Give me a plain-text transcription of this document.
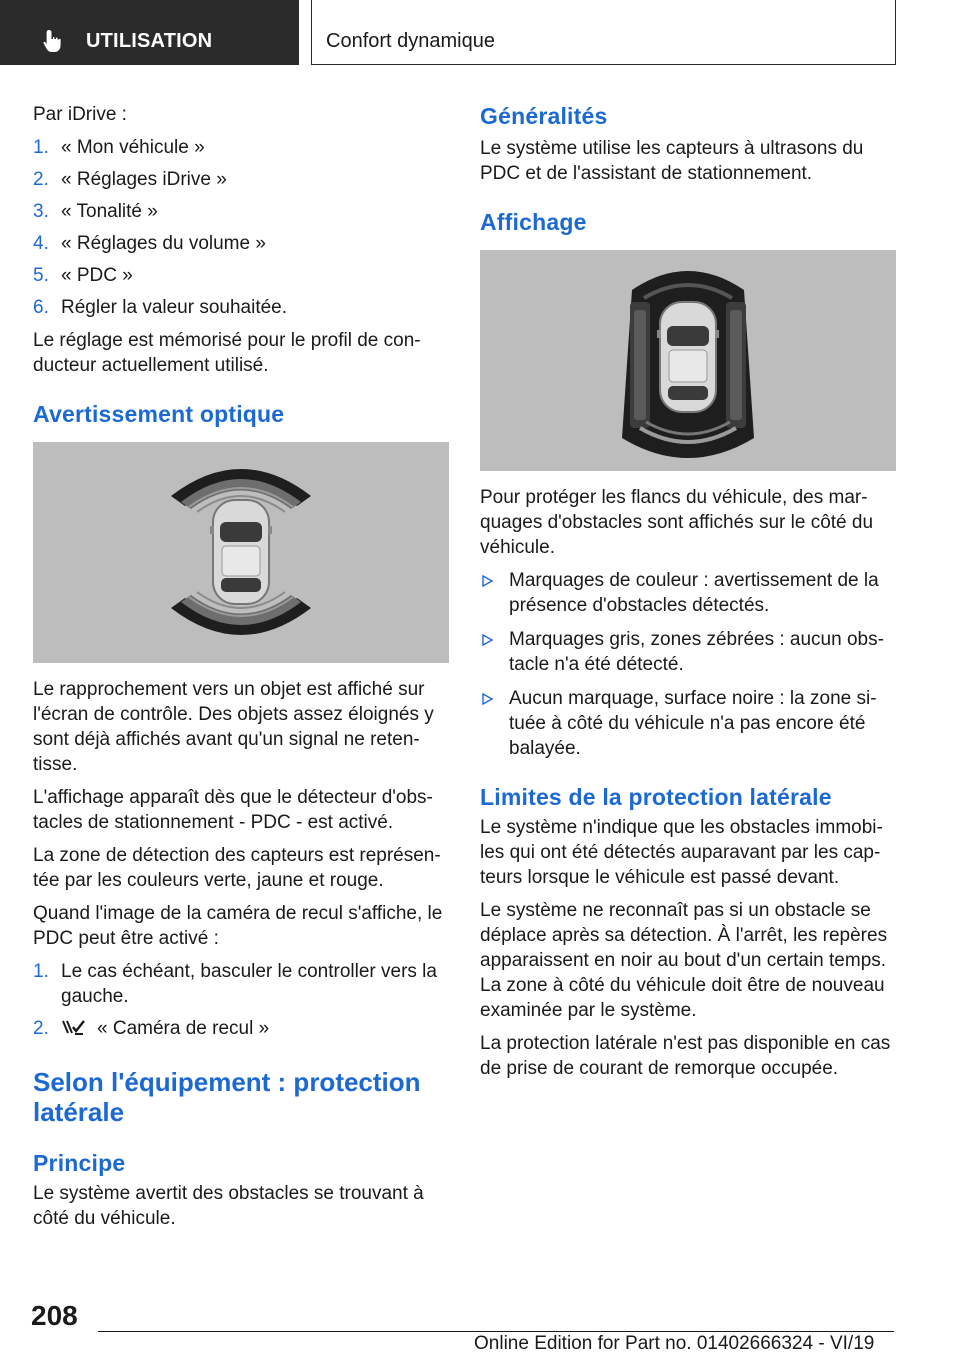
UTILISATION	Confort dynamique

Par iDrive :

1. « Mon véhicule »
2. « Réglages iDrive »
3. « Tonalité »
4. « Réglages du volume »
5. « PDC »
6. Régler la valeur souhaitée.

Le réglage est mémorisé pour le profil de conducteur actuellement utilisé.

Avertissement optique

Le rapprochement vers un objet est affiché sur l'écran de contrôle. Des objets assez éloignés y sont déjà affichés avant qu'un signal ne retentisse.

L'affichage apparaît dès que le détecteur d'obstacles de stationnement - PDC - est activé.

La zone de détection des capteurs est représentée par les couleurs verte, jaune et rouge.

Quand l'image de la caméra de recul s'affiche, le PDC peut être activé :

1. Le cas échéant, basculer le controller vers la gauche.
2.	« Caméra de recul »
Selon l'équipement : protection latérale
Principe

Le système avertit des obstacles se trouvant à côté du véhicule.

Généralités

Le système utilise les capteurs à ultrasons du PDC et de l'assistant de stationnement.

Affichage

Pour protéger les flancs du véhicule, des marquages d'obstacles sont affichés sur le côté du véhicule.

Marquages de couleur : avertissement de la présence d'obstacles détectés.
Marquages gris, zones zébrées : aucun obstacle n'a été détecté.
Aucun marquage, surface noire : la zone située à côté du véhicule n'a pas encore été balayée.
Limites de la protection latérale

Le système n'indique que les obstacles immobiles qui ont été détectés auparavant par les capteurs lorsque le véhicule est passé devant.

Le système ne reconnaît pas si un obstacle se déplace après sa détection. À l'arrêt, les repères apparaissent en noir au bout d'un certain temps. La zone à côté du véhicule doit être de nouveau examinée par le système.

La protection latérale n'est pas disponible en cas de prise de courant de remorque occupée.

208
Online Edition for Part no. 01402666324 - VI/19
